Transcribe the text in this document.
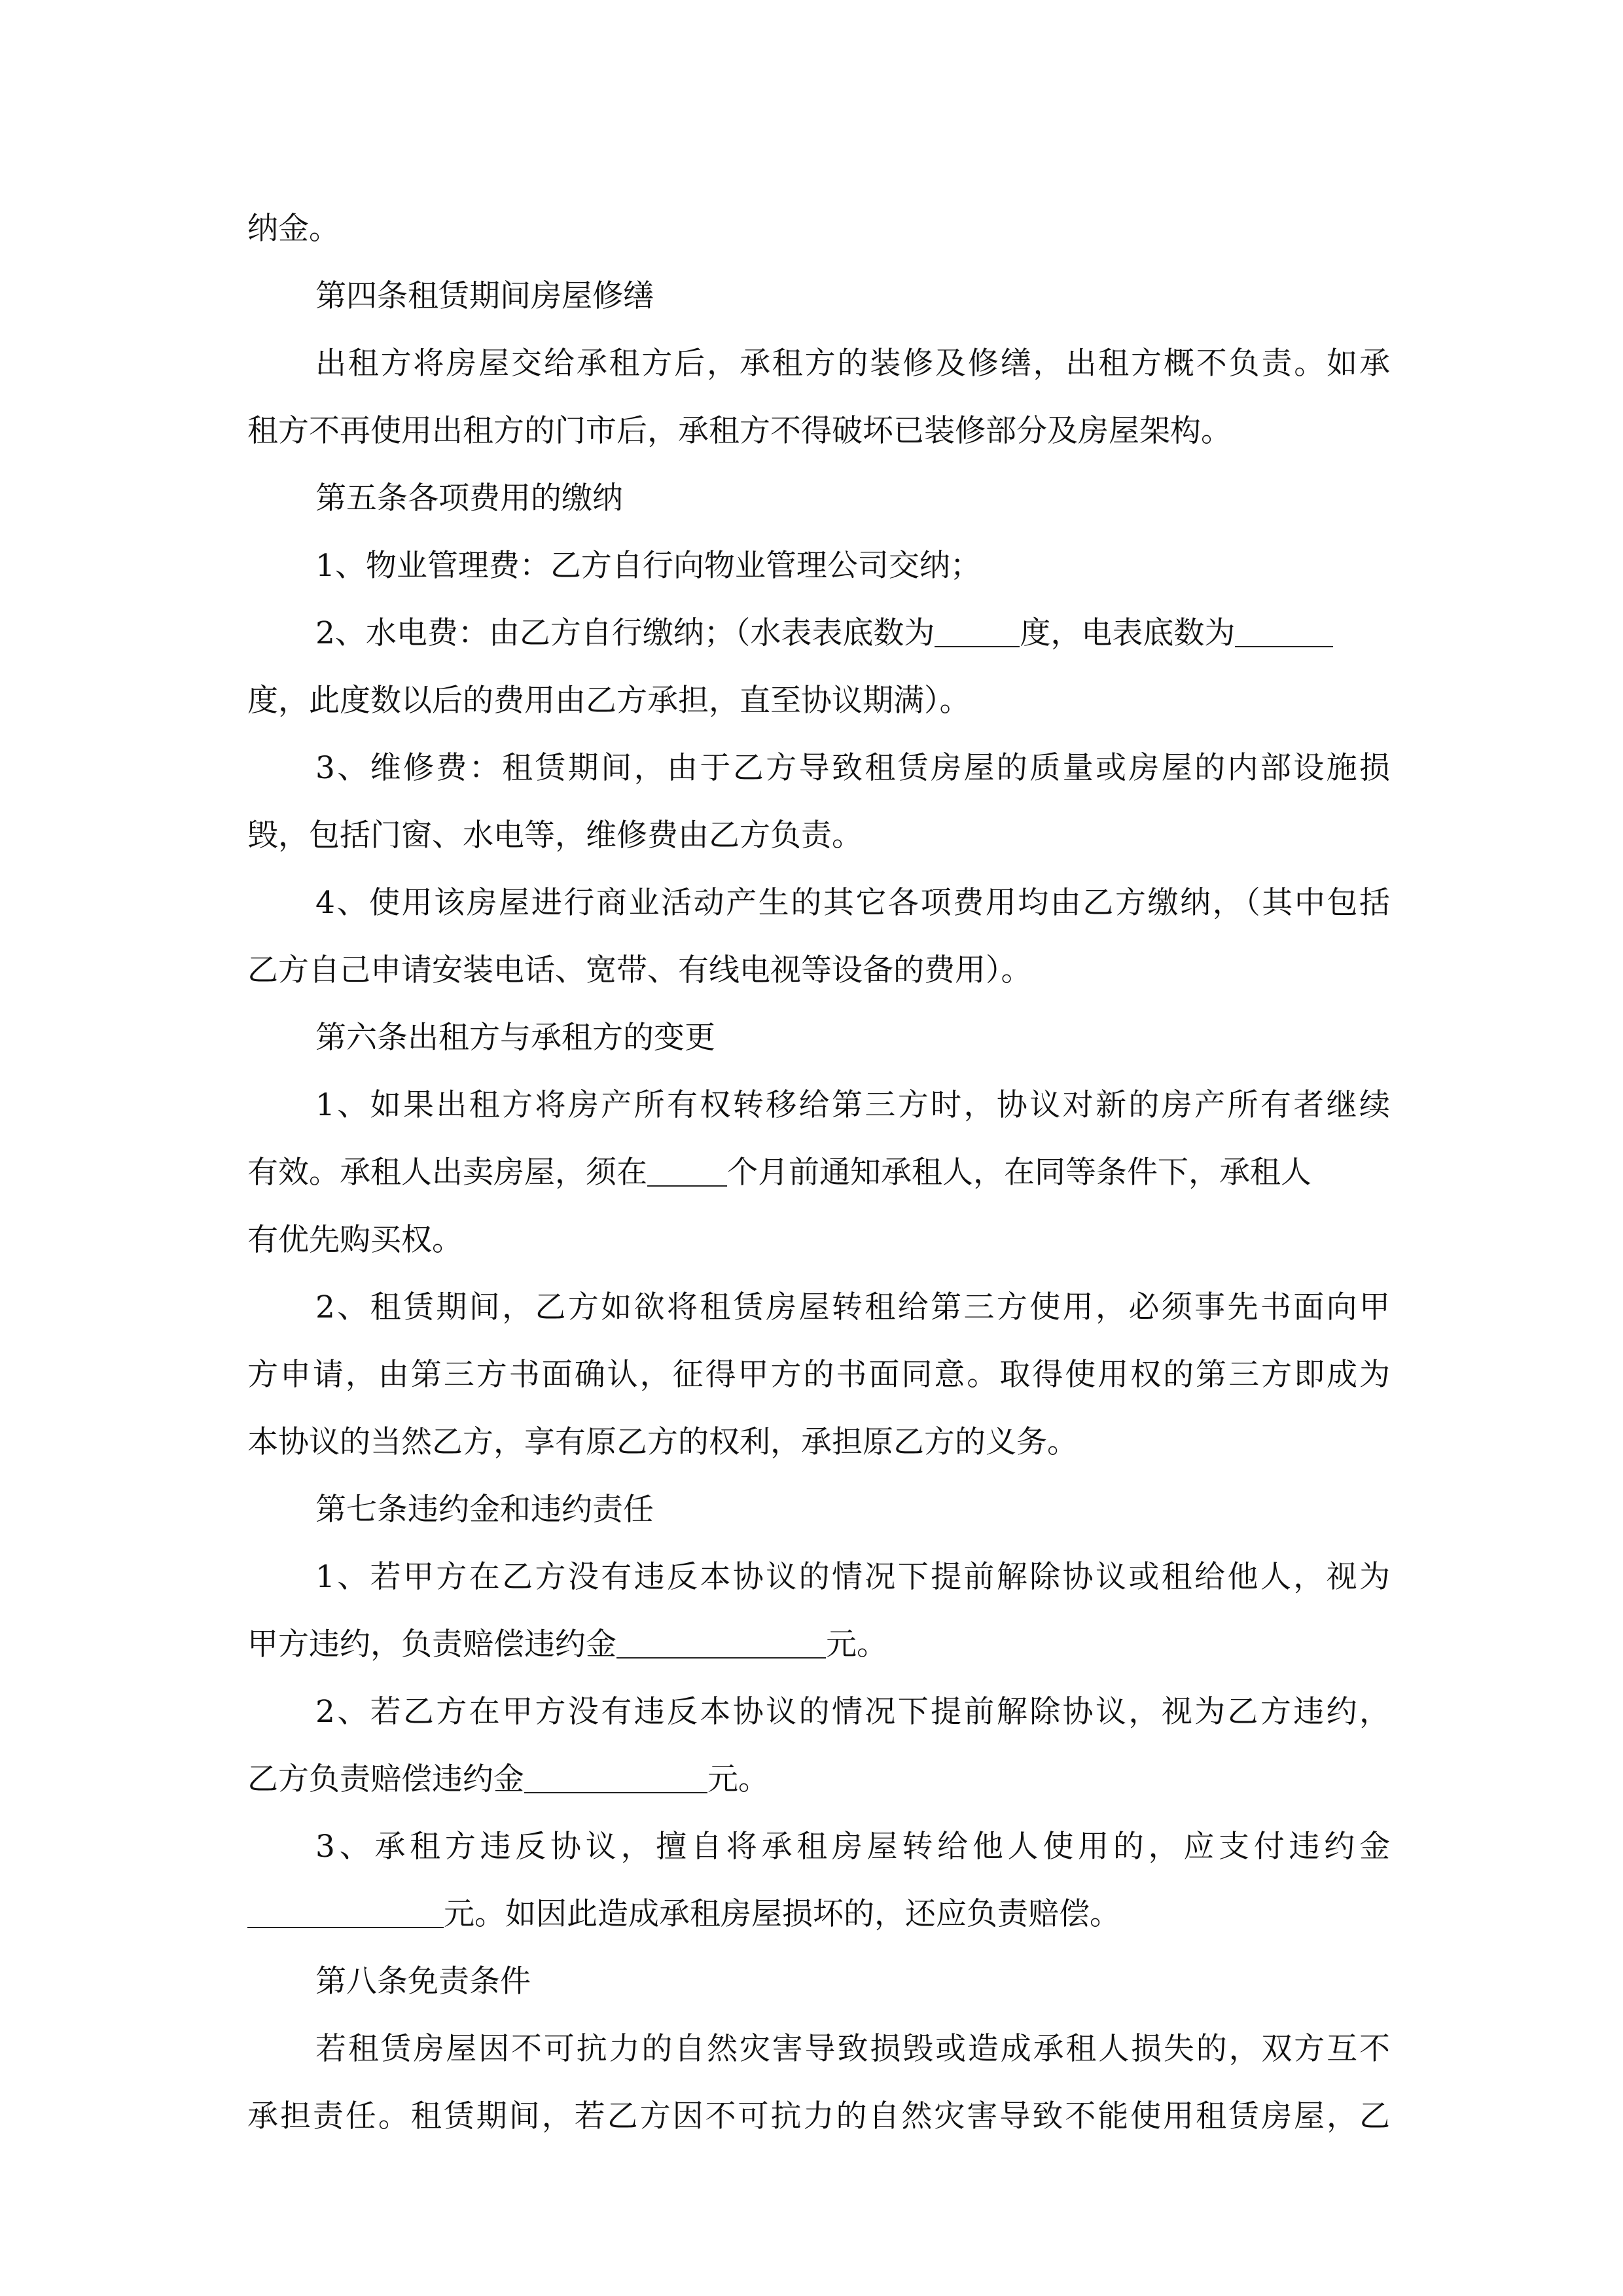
纳金。
第四条租赁期间房屋修缮
出租方将房屋交给承租方后，承租方的装修及修缮，出租方概不负责。如承
租方不再使用出租方的门市后，承租方不得破坏已装修部分及房屋架构。
第五条各项费用的缴纳
1、物业管理费：乙方自行向物业管理公司交纳；
2、水电费：由乙方自行缴纳；（水表表底数为	度，电表底数为
度，此度数以后的费用由乙方承担，直至协议期满）。
3、维修费：租赁期间，由于乙方导致租赁房屋的质量或房屋的内部设施损
毁，包括门窗、水电等，维修费由乙方负责。
4、使用该房屋进行商业活动产生的其它各项费用均由乙方缴纳，（其中包括
乙方自己申请安装电话、宽带、有线电视等设备的费用）。
第六条出租方与承租方的变更
1、如果出租方将房产所有权转移给第三方时，协议对新的房产所有者继续
有效。承租人出卖房屋，须在	个月前通知承租人，在同等条件下，承租人
有优先购买权。
2、租赁期间，乙方如欲将租赁房屋转租给第三方使用，必须事先书面向甲
方申请，由第三方书面确认，征得甲方的书面同意。取得使用权的第三方即成为
本协议的当然乙方，享有原乙方的权利，承担原乙方的义务。
第七条违约金和违约责任
1、若甲方在乙方没有违反本协议的情况下提前解除协议或租给他人，视为
甲方违约，负责赔偿违约金	元。
2、若乙方在甲方没有违反本协议的情况下提前解除协议，视为乙方违约，
乙方负责赔偿违约金	元。
3、承租方违反协议，擅自将承租房屋转给他人使用的，应支付违约金
元。如因此造成承租房屋损坏的，还应负责赔偿。
第八条免责条件
若租赁房屋因不可抗力的自然灾害导致损毁或造成承租人损失的，双方互不
承担责任。租赁期间，若乙方因不可抗力的自然灾害导致不能使用租赁房屋，乙
